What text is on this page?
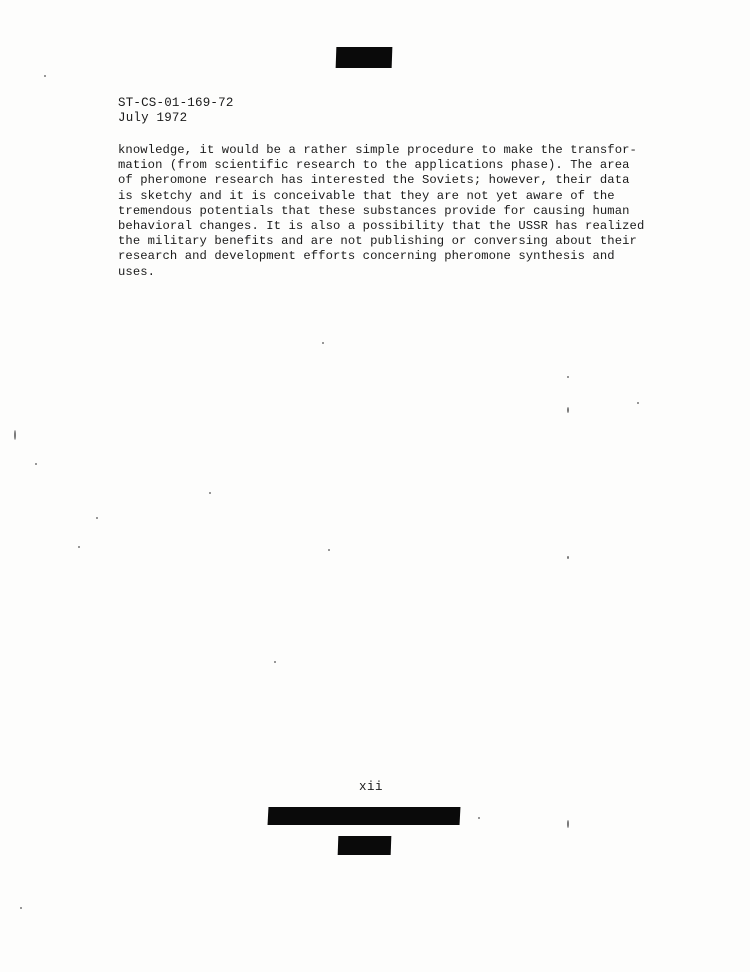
ST-CS-01-169-72
July 1972
knowledge, it would be a rather simple procedure to make the transfor-
mation (from scientific research to the applications phase). The area
of pheromone research has interested the Soviets; however, their data
is sketchy and it is conceivable that they are not yet aware of the
tremendous potentials that these substances provide for causing human
behavioral changes. It is also a possibility that the USSR has realized
the military benefits and are not publishing or conversing about their
research and development efforts concerning pheromone synthesis and
uses.
xii
